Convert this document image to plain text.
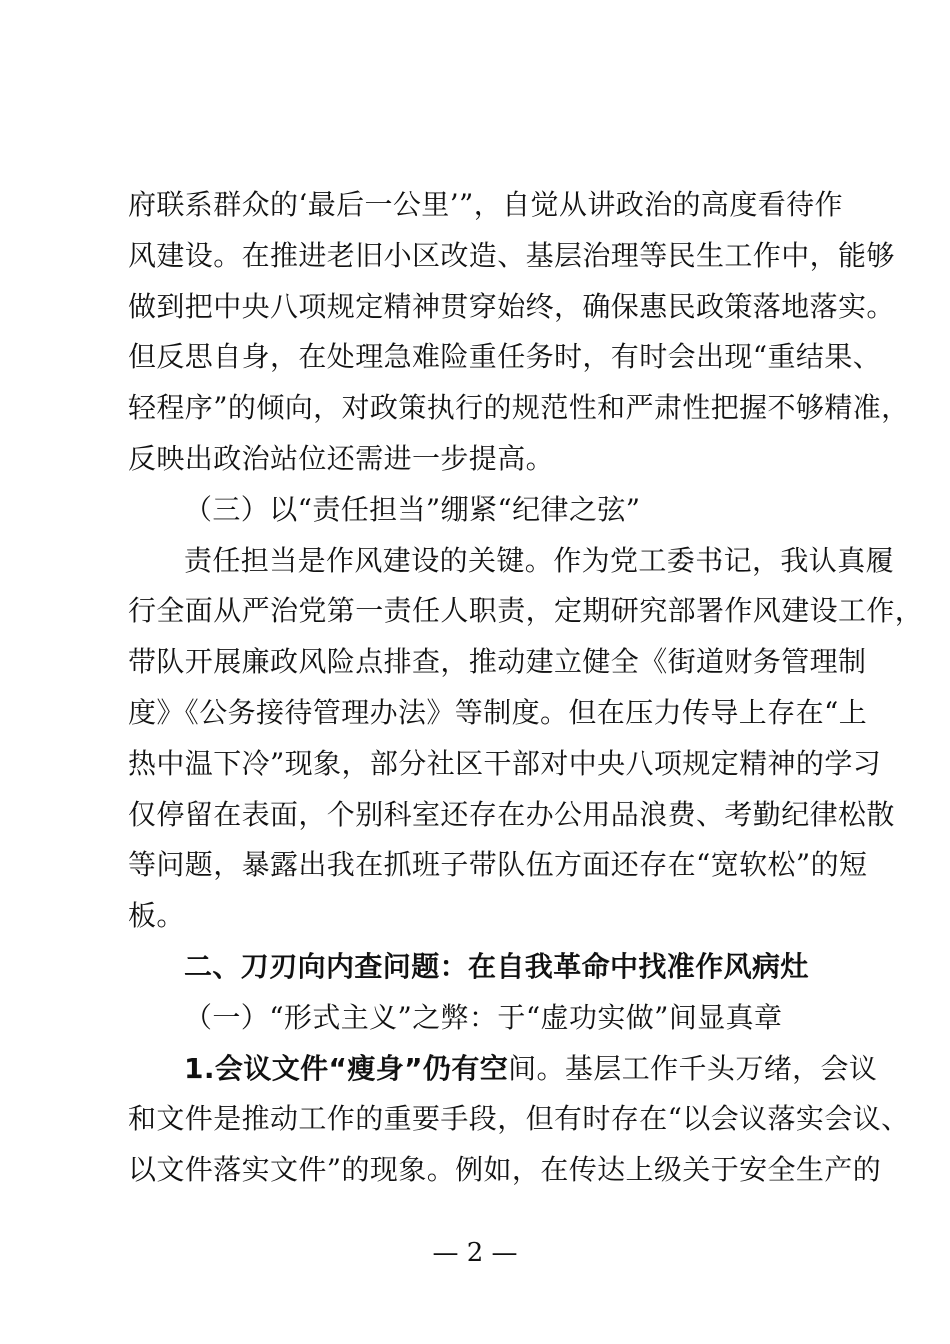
府联系群众的‘最后一公里’”，自觉从讲政治的高度看待作
风建设。在推进老旧小区改造、基层治理等民生工作中，能够
做到把中央八项规定精神贯穿始终，确保惠民政策落地落实。
但反思自身，在处理急难险重任务时，有时会出现“重结果、
轻程序”的倾向，对政策执行的规范性和严肃性把握不够精准，
反映出政治站位还需进一步提高。
（三）以“责任担当”绷紧“纪律之弦”
责任担当是作风建设的关键。作为党工委书记，我认真履
行全面从严治党第一责任人职责，定期研究部署作风建设工作，
带队开展廉政风险点排查，推动建立健全《街道财务管理制
度》《公务接待管理办法》等制度。但在压力传导上存在“上
热中温下冷”现象，部分社区干部对中央八项规定精神的学习
仅停留在表面，个别科室还存在办公用品浪费、考勤纪律松散
等问题，暴露出我在抓班子带队伍方面还存在“宽软松”的短
板。
二、刀刃向内查问题：在自我革命中找准作风病灶
（一）“形式主义”之弊：于“虚功实做”间显真章
1.会议文件“瘦身”仍有空间。基层工作千头万绪，会议
和文件是推动工作的重要手段，但有时存在“以会议落实会议、
以文件落实文件”的现象。例如，在传达上级关于安全生产的
— 2 —
